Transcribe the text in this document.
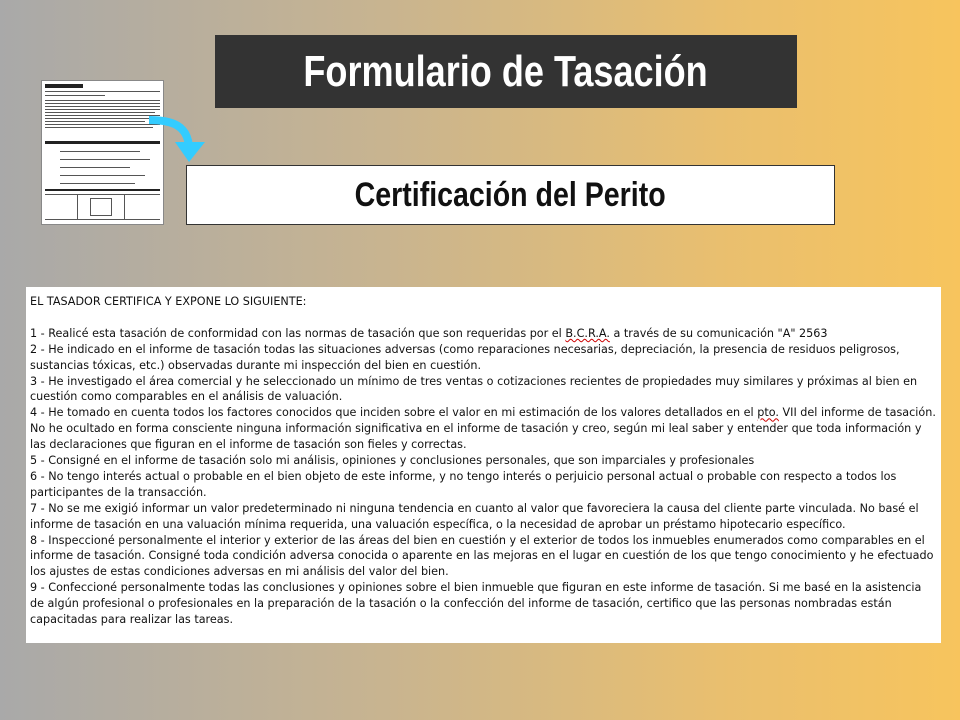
Formulario de Tasación
Certificación del Perito

EL TASADOR CERTIFICA Y EXPONE LO SIGUIENTE:

1 - Realicé esta tasación de conformidad con las normas de tasación que son requeridas por el B.C.R.A. a través de su comunicación "A" 2563

2 - He indicado en el informe de tasación todas las situaciones adversas (como reparaciones necesarias, depreciación, la presencia de residuos peligrosos, sustancias tóxicas, etc.) observadas durante mi inspección del bien en cuestión.

3 - He investigado el área comercial y he seleccionado un mínimo de tres ventas o cotizaciones recientes de propiedades muy similares y próximas al bien en cuestión como comparables en el análisis de valuación.

4 - He tomado en cuenta todos los factores conocidos que inciden sobre el valor en mi estimación de los valores detallados en el pto. VII del informe de tasación. No he ocultado en forma consciente ninguna información significativa en el informe de tasación y creo, según mi leal saber y entender que toda información y las declaraciones que figuran en el informe de tasación son fieles y correctas.

5 - Consigné en el informe de tasación solo mi análisis, opiniones y conclusiones personales, que son imparciales y profesionales

6 - No tengo interés actual o probable en el bien objeto de este informe, y no tengo interés o perjuicio personal actual o probable con respecto a todos los participantes de la transacción.

7 - No se me exigió informar un valor predeterminado ni ninguna tendencia en cuanto al valor que favoreciera la causa del cliente parte vinculada. No basé el informe de tasación en una valuación mínima requerida, una valuación específica, o la necesidad de aprobar un préstamo hipotecario específico.

8 - Inspeccioné personalmente el interior y exterior de las áreas del bien en cuestión y el exterior de todos los inmuebles enumerados como comparables en el informe de tasación. Consigné toda condición adversa conocida o aparente en las mejoras en el lugar en cuestión de los que tengo conocimiento y he efectuado los ajustes de estas condiciones adversas en mi análisis del valor del bien.

9 - Confeccioné personalmente todas las conclusiones y opiniones sobre el bien inmueble que figuran en este informe de tasación. Si me basé en la asistencia de algún profesional o profesionales en la preparación de la tasación o la confección del informe de tasación, certifico que las personas nombradas están capacitadas para realizar las tareas.
